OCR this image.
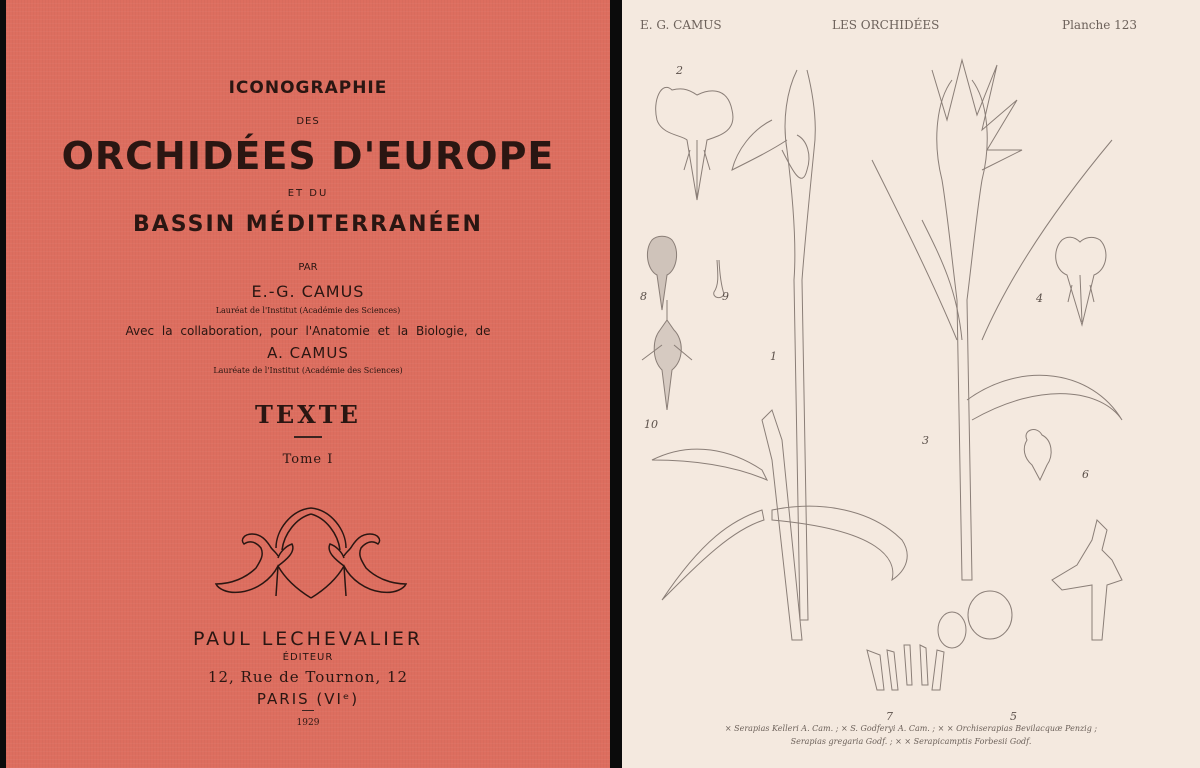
ICONOGRAPHIE
DES
ORCHIDÉES D'EUROPE
ET DU
BASSIN MÉDITERRANÉEN
PAR
E.-G. CAMUS
Lauréat de l'Institut (Académie des Sciences)
Avec la collaboration, pour l'Anatomie et la Biologie, de
A. CAMUS
Lauréate de l'Institut (Académie des Sciences)
TEXTE
Tome I
PAUL LECHEVALIER
ÉDITEUR
12, Rue de Tournon, 12
PARIS (VIᵉ)
1929
E. G. CAMUS	LES ORCHIDÉES	Planche 123
2
8	9
1
10
3
4
6
7	5
× Serapias Kelleri A. Cam. ; × S. Godferyi A. Cam. ; × × Orchiserapias Bevilacquæ Penzig ;
Serapias gregaria Godf. ; × × Serapicamptis Forbesii Godf.
